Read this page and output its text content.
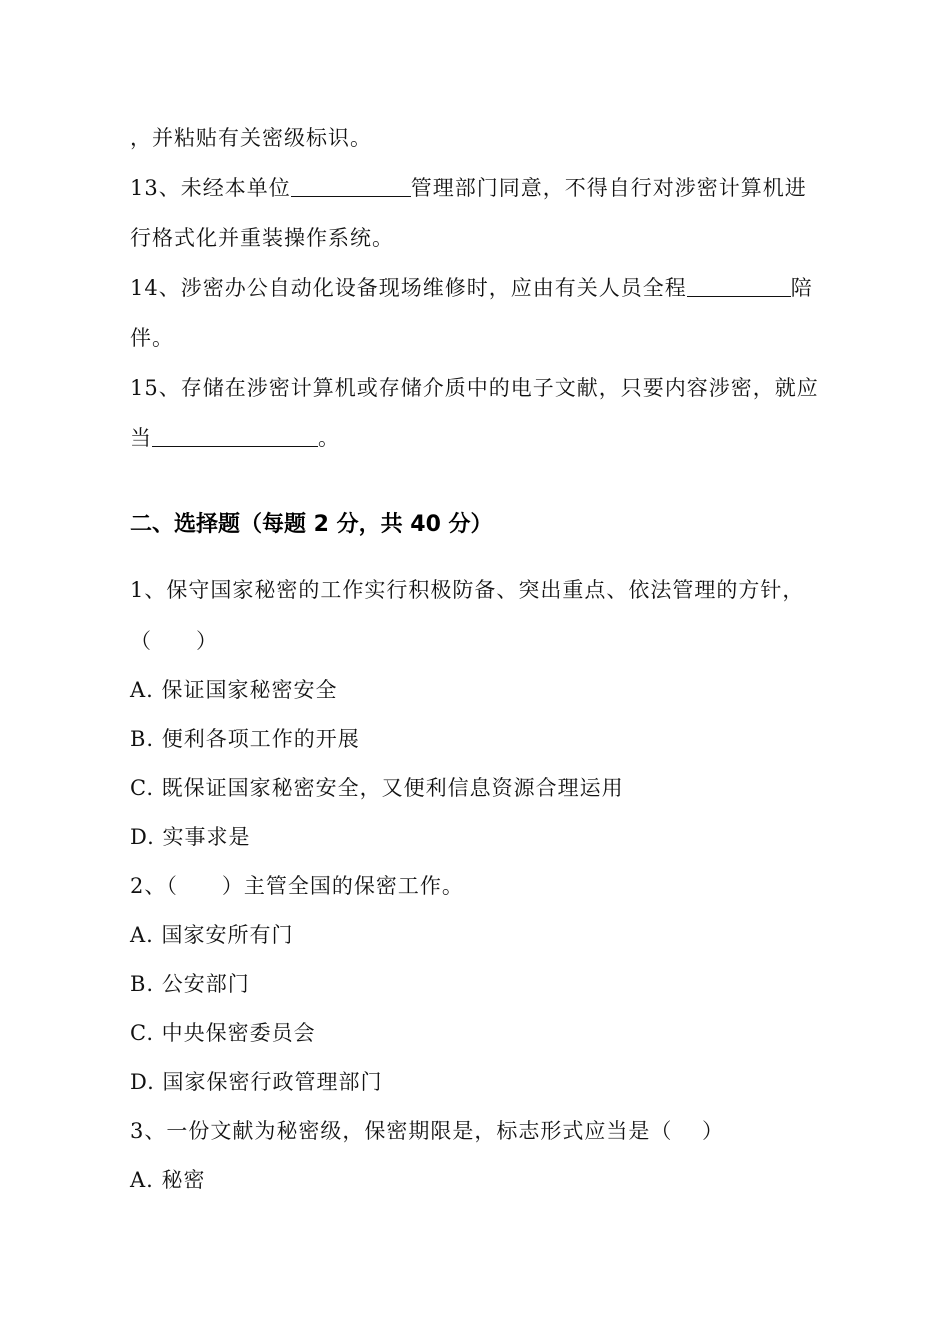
，并粘贴有关密级标识。
13、未经本单位	管理部门同意，不得自行对涉密计算机进
行格式化并重装操作系统。
14、涉密办公自动化设备现场维修时，应由有关人员全程	陪
伴。
15、存储在涉密计算机或存储介质中的电子文献，只要内容涉密，就应
当	。
二、选择题（每题 2 分，共 40 分）
1、保守国家秘密的工作实行积极防备、突出重点、依法管理的方针，
（　　）
A. 保证国家秘密安全
B. 便利各项工作的开展
C. 既保证国家秘密安全，又便利信息资源合理运用
D. 实事求是
2、（　　）主管全国的保密工作。
A. 国家安所有门
B. 公安部门
C. 中央保密委员会
D. 国家保密行政管理部门
3、一份文献为秘密级，保密期限是，标志形式应当是（　 ）
A. 秘密
